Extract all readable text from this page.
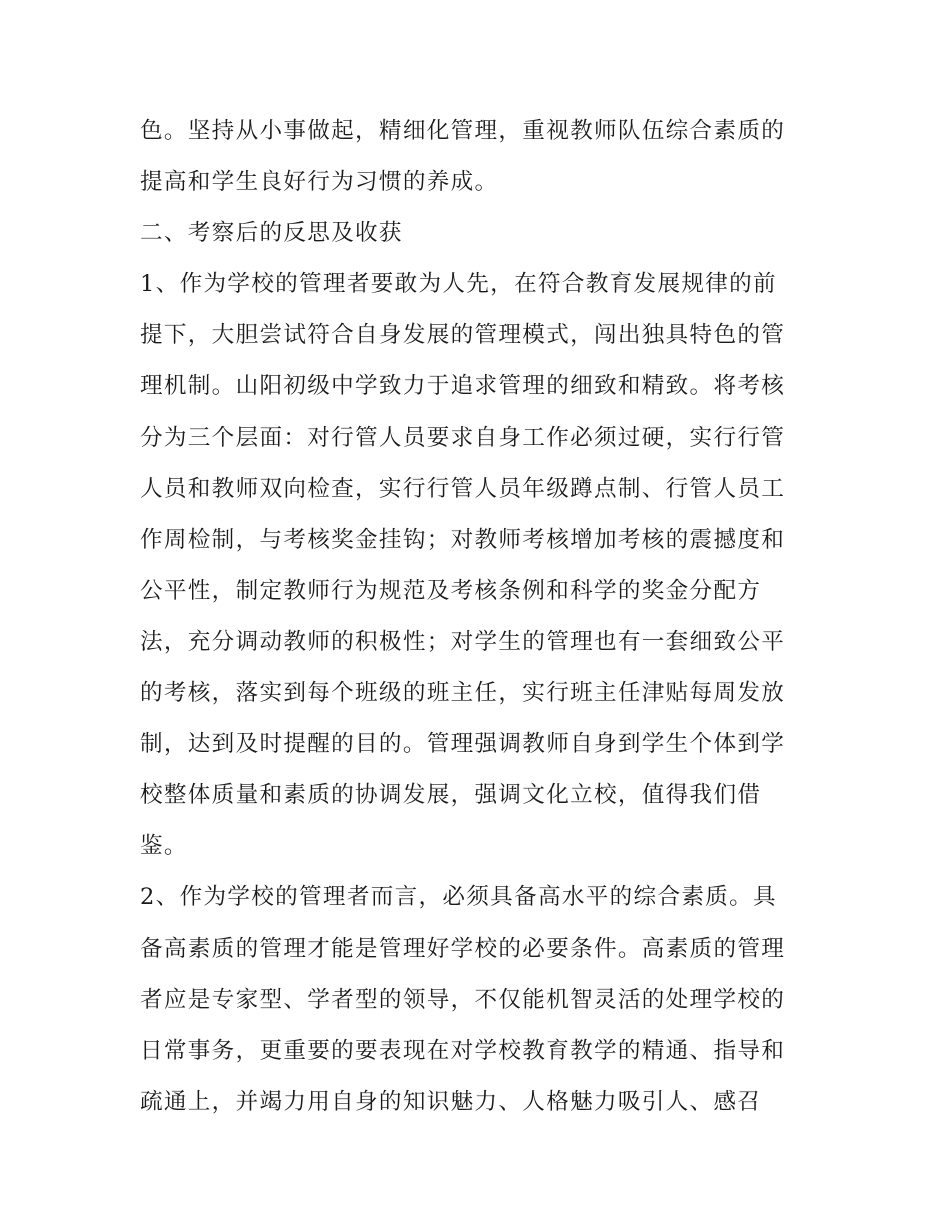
色。坚持从小事做起，精细化管理，重视教师队伍综合素质的
提高和学生良好行为习惯的养成。
二、考察后的反思及收获
1、作为学校的管理者要敢为人先，在符合教育发展规律的前
提下，大胆尝试符合自身发展的管理模式，闯出独具特色的管
理机制。山阳初级中学致力于追求管理的细致和精致。将考核
分为三个层面：对行管人员要求自身工作必须过硬，实行行管
人员和教师双向检查，实行行管人员年级蹲点制、行管人员工
作周检制，与考核奖金挂钩；对教师考核增加考核的震撼度和
公平性，制定教师行为规范及考核条例和科学的奖金分配方
法，充分调动教师的积极性；对学生的管理也有一套细致公平
的考核，落实到每个班级的班主任，实行班主任津贴每周发放
制，达到及时提醒的目的。管理强调教师自身到学生个体到学
校整体质量和素质的协调发展，强调文化立校，值得我们借
鉴。
2、作为学校的管理者而言，必须具备高水平的综合素质。具
备高素质的管理才能是管理好学校的必要条件。高素质的管理
者应是专家型、学者型的领导，不仅能机智灵活的处理学校的
日常事务，更重要的要表现在对学校教育教学的精通、指导和
疏通上，并竭力用自身的知识魅力、人格魅力吸引人、感召
